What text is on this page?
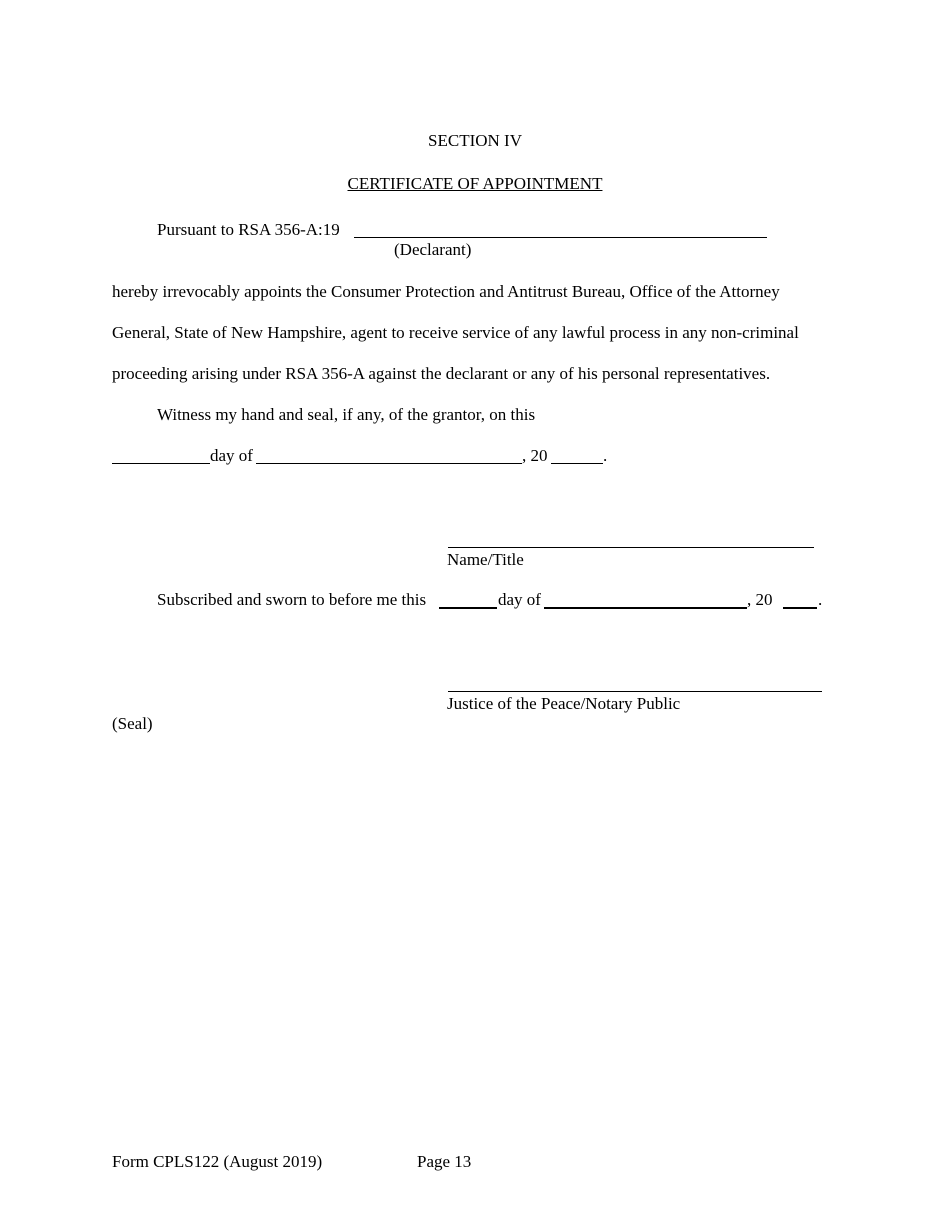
SECTION IV
CERTIFICATE OF APPOINTMENT
Pursuant to RSA 356-A:19
(Declarant)
hereby irrevocably appoints the Consumer Protection and Antitrust Bureau, Office of the Attorney
General, State of New Hampshire, agent to receive service of any lawful process in any non-criminal
proceeding arising under RSA 356-A against the declarant or any of his personal representatives.
Witness my hand and seal, if any, of the grantor, on this
day of	, 20	.
Name/Title
Subscribed and sworn to before me this	day of	, 20	.
Justice of the Peace/Notary Public
(Seal)
Form CPLS122 (August 2019)	Page 13
